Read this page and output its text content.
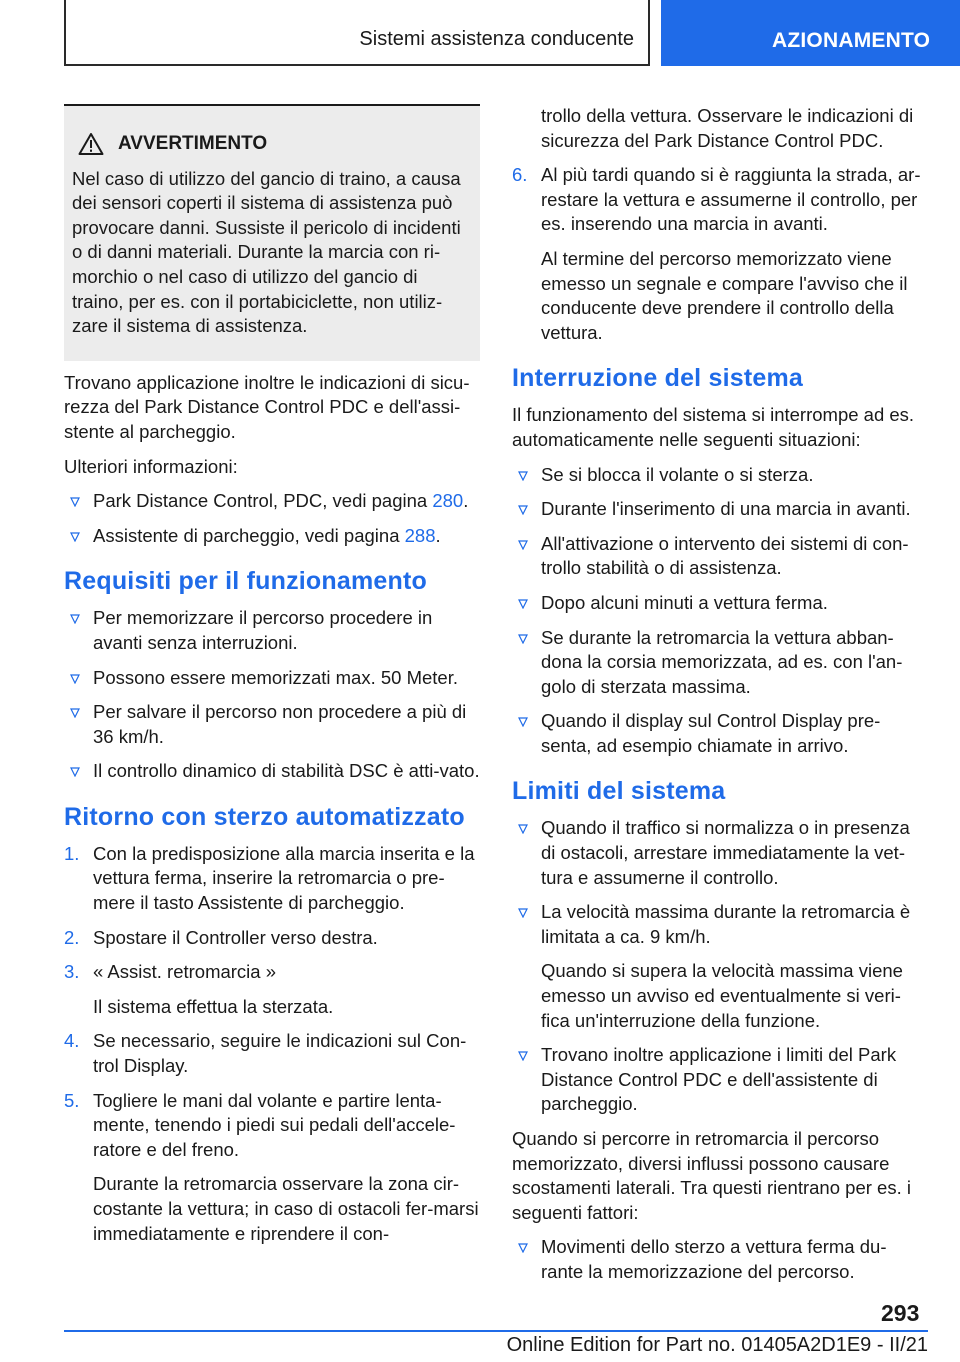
Sistemi assistenza conducente	AZIONAMENTO
AVVERTIMENTO
Nel caso di utilizzo del gancio di traino, a causa dei sensori coperti il sistema di assistenza può provocare danni. Sussiste il pericolo di incidenti o di danni materiali. Durante la marcia con ri-morchio o nel caso di utilizzo del gancio di traino, per es. con il portabiciclette, non utiliz-zare il sistema di assistenza.

Trovano applicazione inoltre le indicazioni di sicu-rezza del Park Distance Control PDC e dell'assi-stente al parcheggio.

Ulteriori informazioni:

Park Distance Control, PDC, vedi pagina 280.
Assistente di parcheggio, vedi pagina 288.
Requisiti per il funzionamento
Per memorizzare il percorso procedere in avanti senza interruzioni.
Possono essere memorizzati max. 50 Meter.
Per salvare il percorso non procedere a più di 36 km/h.
Il controllo dinamico di stabilità DSC è atti-vato.
Ritorno con sterzo automatizzato
1. Con la predisposizione alla marcia inserita e la vettura ferma, inserire la retromarcia o pre-mere il tasto Assistente di parcheggio.
2. Spostare il Controller verso destra.
3. « Assist. retromarcia »
Il sistema effettua la sterzata.
4. Se necessario, seguire le indicazioni sul Con-trol Display.
5. Togliere le mani dal volante e partire lenta-mente, tenendo i piedi sui pedali dell'accele-ratore e del freno.
Durante la retromarcia osservare la zona cir-costante la vettura; in caso di ostacoli fer-marsi immediatamente e riprendere il con-
trollo della vettura. Osservare le indicazioni di sicurezza del Park Distance Control PDC.
6. Al più tardi quando si è raggiunta la strada, ar-restare la vettura e assumerne il controllo, per es. inserendo una marcia in avanti.
Al termine del percorso memorizzato viene emesso un segnale e compare l'avviso che il conducente deve prendere il controllo della vettura.
Interruzione del sistema

Il funzionamento del sistema si interrompe ad es. automaticamente nelle seguenti situazioni:

Se si blocca il volante o si sterza.
Durante l'inserimento di una marcia in avanti.
All'attivazione o intervento dei sistemi di con-trollo stabilità o di assistenza.
Dopo alcuni minuti a vettura ferma.
Se durante la retromarcia la vettura abban-dona la corsia memorizzata, ad es. con l'an-golo di sterzata massima.
Quando il display sul Control Display pre-senta, ad esempio chiamate in arrivo.
Limiti del sistema
Quando il traffico si normalizza o in presenza di ostacoli, arrestare immediatamente la vet-tura e assumerne il controllo.
La velocità massima durante la retromarcia è limitata a ca. 9 km/h.
Quando si supera la velocità massima viene emesso un avviso ed eventualmente si veri-fica un'interruzione della funzione.
Trovano inoltre applicazione i limiti del Park Distance Control PDC e dell'assistente di parcheggio.

Quando si percorre in retromarcia il percorso memorizzato, diversi influssi possono causare scostamenti laterali. Tra questi rientrano per es. i seguenti fattori:

Movimenti dello sterzo a vettura ferma du-rante la memorizzazione del percorso.
293
Online Edition for Part no. 01405A2D1E9 - II/21
